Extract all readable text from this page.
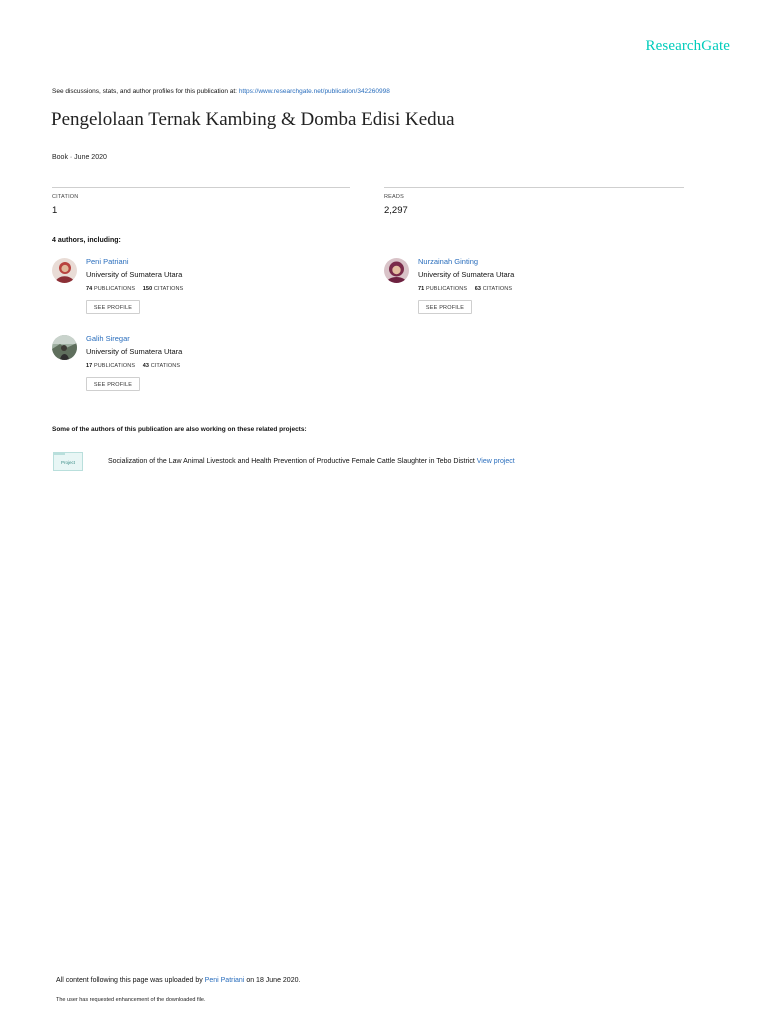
ResearchGate
See discussions, stats, and author profiles for this publication at: https://www.researchgate.net/publication/342260998
Pengelolaan Ternak Kambing & Domba Edisi Kedua
Book · June 2020
CITATION
1
READS
2,297
4 authors, including:
Peni Patriani
University of Sumatera Utara
74 PUBLICATIONS 150 CITATIONS
SEE PROFILE
Nurzainah Ginting
University of Sumatera Utara
71 PUBLICATIONS 63 CITATIONS
SEE PROFILE
Galih Siregar
University of Sumatera Utara
17 PUBLICATIONS 43 CITATIONS
SEE PROFILE
Some of the authors of this publication are also working on these related projects:
Project	Socialization of the Law Animal Livestock and Health Prevention of Productive Female Cattle Slaughter in Tebo District View project
All content following this page was uploaded by Peni Patriani on 18 June 2020.
The user has requested enhancement of the downloaded file.
